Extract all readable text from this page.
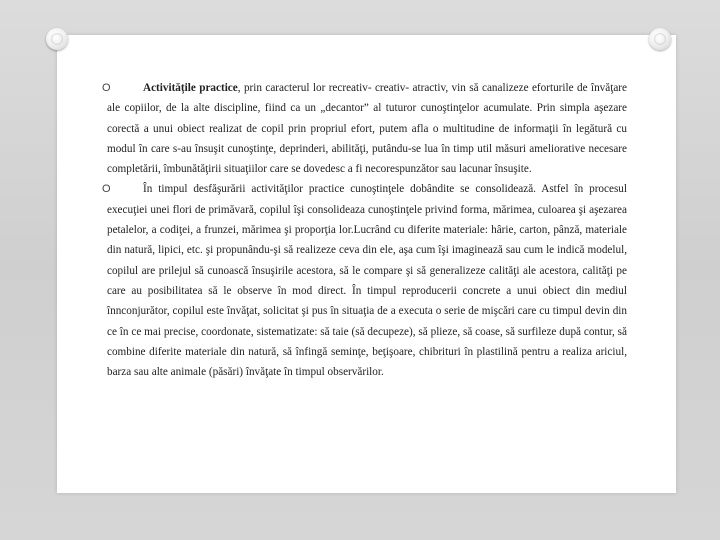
O	Activitățile practice, prin caracterul lor recreativ- creativ- atractiv, vin să canalizeze eforturile de învăţare ale copiilor, de la alte discipline, fiind ca un „decantor” al tuturor cunoştinţelor acumulate. Prin simpla aşezare corectă a unui obiect realizat de copil prin propriul efort, putem afla o multitudine de informaţii în legătură cu modul în care s-au însuşit cunoştinţe, deprinderi, abilităţi, putându-se lua în timp util măsuri ameliorative necesare completării, îmbunătăţirii situaţiilor care se dovedesc a fi necorespunzător sau lacunar însuşite.

O	În timpul desfăşurării activităţilor practice cunoştinţele dobândite se consolidează. Astfel în procesul execuţiei unei flori de primăvară, copilul îşi consolideaza cunoştinţele privind forma, mărimea, culoarea şi aşezarea petalelor, a codiţei, a frunzei, mărimea şi proporţia lor.Lucrând cu diferite materiale: hârie, carton, pânză, materiale din natură, lipici, etc. şi propunându-şi să realizeze ceva din ele, aşa cum îşi imaginează sau cum le indică modelul, copilul are prilejul să cunoască însuşirile acestora, să le compare şi să generalizeze calităţi ale acestora, calităţi pe care au posibilitatea să le observe în mod direct. În timpul reproducerii concrete a unui obiect din mediul înnconjurător, copilul este învăţat, solicitat şi pus în situaţia de a executa o serie de mişcări care cu timpul devin din ce în ce mai precise, coordonate, sistematizate: să taie (să decupeze), să plieze, să coase, să surfileze după contur, să combine diferite materiale din natură, să înfingă seminţe, beţişoare, chibrituri în plastilină pentru a realiza ariciul, barza sau alte animale (păsări) învăţate în timpul observărilor.
